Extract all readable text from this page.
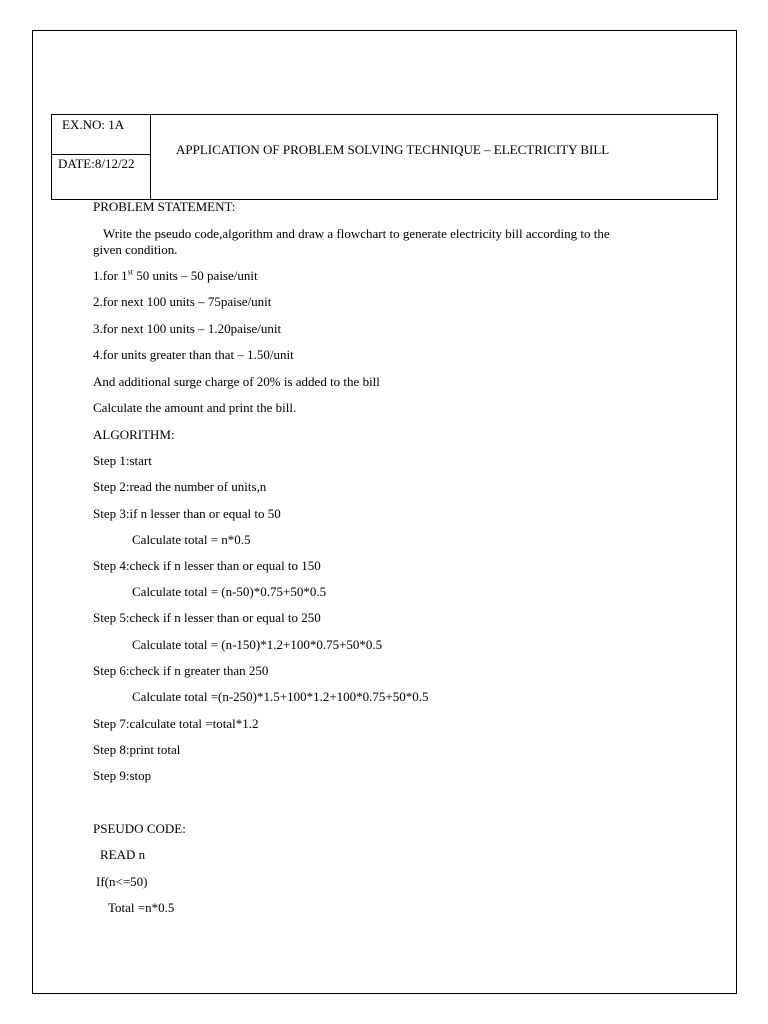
EX.NO: 1A
DATE:8/12/22
APPLICATION OF PROBLEM SOLVING TECHNIQUE – ELECTRICITY BILL
PROBLEM STATEMENT:
Write the pseudo code,algorithm and draw a flowchart to generate electricity bill according to the
given condition.
1.for 1st 50 units – 50 paise/unit
2.for next 100 units – 75paise/unit
3.for next 100 units – 1.20paise/unit
4.for units greater than that – 1.50/unit
And additional surge charge of 20% is added to the bill
Calculate the amount and print the bill.
ALGORITHM:
Step 1:start
Step 2:read the number of units,n
Step 3:if n lesser than or equal to 50
Calculate total = n*0.5
Step 4:check if n lesser than or equal to 150
Calculate total = (n-50)*0.75+50*0.5
Step 5:check if n lesser than or equal to 250
Calculate total = (n-150)*1.2+100*0.75+50*0.5
Step 6:check if n greater than 250
Calculate total =(n-250)*1.5+100*1.2+100*0.75+50*0.5
Step 7:calculate total =total*1.2
Step 8:print total
Step 9:stop
PSEUDO CODE:
READ n
If(n<=50)
Total =n*0.5
